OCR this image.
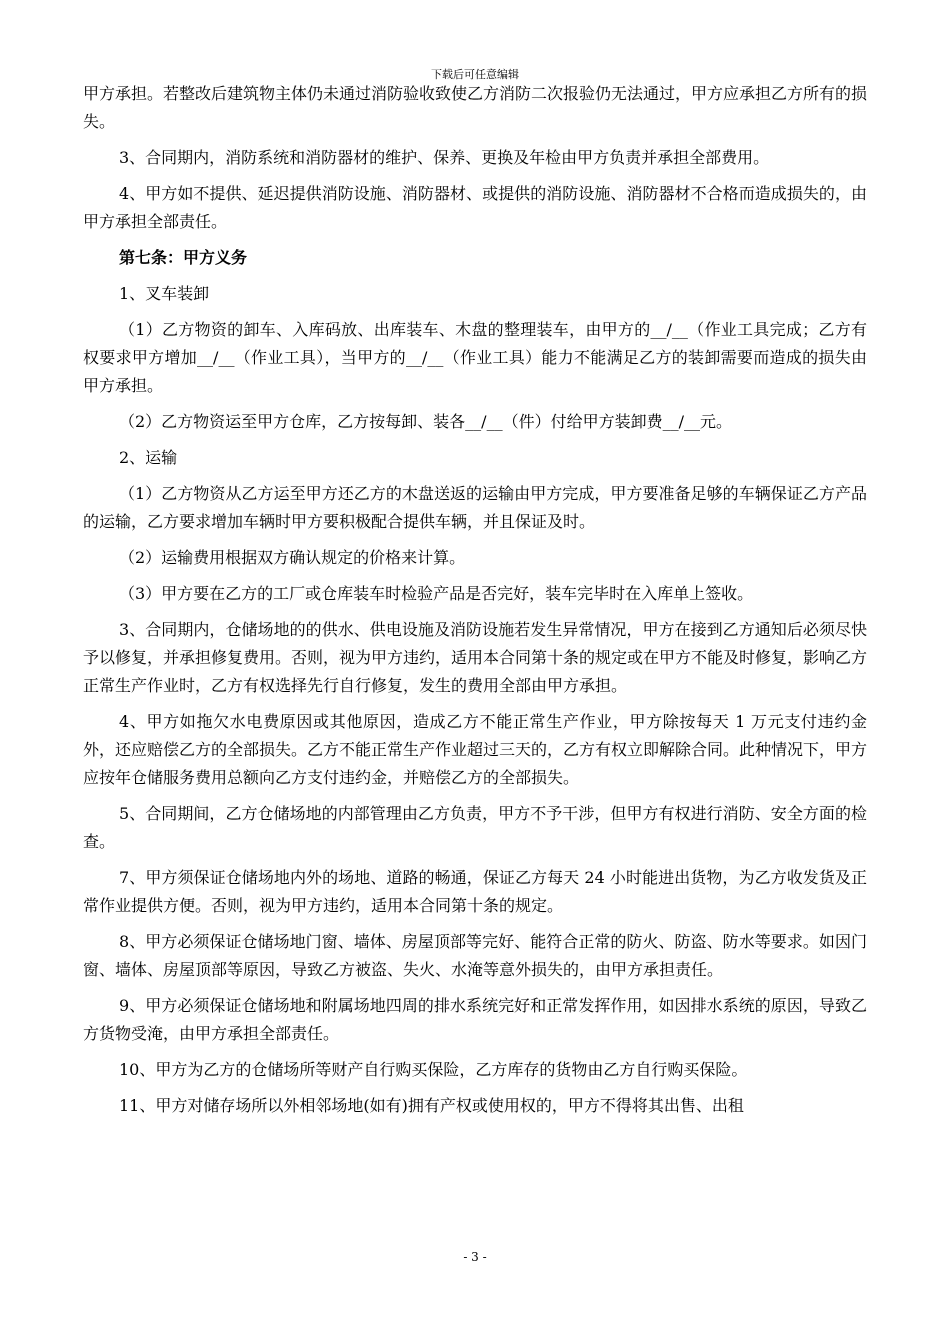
下载后可任意编辑

甲方承担。若整改后建筑物主体仍未通过消防验收致使乙方消防二次报验仍无法通过，甲方应承担乙方所有的损失。

3、合同期内，消防系统和消防器材的维护、保养、更换及年检由甲方负责并承担全部费用。

4、甲方如不提供、延迟提供消防设施、消防器材、或提供的消防设施、消防器材不合格而造成损失的，由甲方承担全部责任。

第七条：甲方义务

1、叉车装卸

（1）乙方物资的卸车、入库码放、出库装车、木盘的整理装车，由甲方的__/__（作业工具完成；乙方有权要求甲方增加__/__（作业工具），当甲方的__/__（作业工具）能力不能满足乙方的装卸需要而造成的损失由甲方承担。

（2）乙方物资运至甲方仓库，乙方按每卸、装各__/__（件）付给甲方装卸费__/__元。

2、运输

（1）乙方物资从乙方运至甲方还乙方的木盘送返的运输由甲方完成，甲方要准备足够的车辆保证乙方产品的运输，乙方要求增加车辆时甲方要积极配合提供车辆，并且保证及时。

（2）运输费用根据双方确认规定的价格来计算。

（3）甲方要在乙方的工厂或仓库装车时检验产品是否完好，装车完毕时在入库单上签收。

3、合同期内，仓储场地的的供水、供电设施及消防设施若发生异常情况，甲方在接到乙方通知后必须尽快予以修复，并承担修复费用。否则，视为甲方违约，适用本合同第十条的规定或在甲方不能及时修复，影响乙方正常生产作业时，乙方有权选择先行自行修复，发生的费用全部由甲方承担。

4、甲方如拖欠水电费原因或其他原因，造成乙方不能正常生产作业，甲方除按每天 1 万元支付违约金外，还应赔偿乙方的全部损失。乙方不能正常生产作业超过三天的，乙方有权立即解除合同。此种情况下，甲方应按年仓储服务费用总额向乙方支付违约金，并赔偿乙方的全部损失。

5、合同期间，乙方仓储场地的内部管理由乙方负责，甲方不予干涉，但甲方有权进行消防、安全方面的检查。

7、甲方须保证仓储场地内外的场地、道路的畅通，保证乙方每天 24 小时能进出货物，为乙方收发货及正常作业提供方便。否则，视为甲方违约，适用本合同第十条的规定。

8、甲方必须保证仓储场地门窗、墙体、房屋顶部等完好、能符合正常的防火、防盗、防水等要求。如因门窗、墙体、房屋顶部等原因，导致乙方被盗、失火、水淹等意外损失的，由甲方承担责任。

9、甲方必须保证仓储场地和附属场地四周的排水系统完好和正常发挥作用，如因排水系统的原因，导致乙方货物受淹，由甲方承担全部责任。

10、甲方为乙方的仓储场所等财产自行购买保险，乙方库存的货物由乙方自行购买保险。

11、甲方对储存场所以外相邻场地(如有)拥有产权或使用权的，甲方不得将其出售、出租

- 3 -
